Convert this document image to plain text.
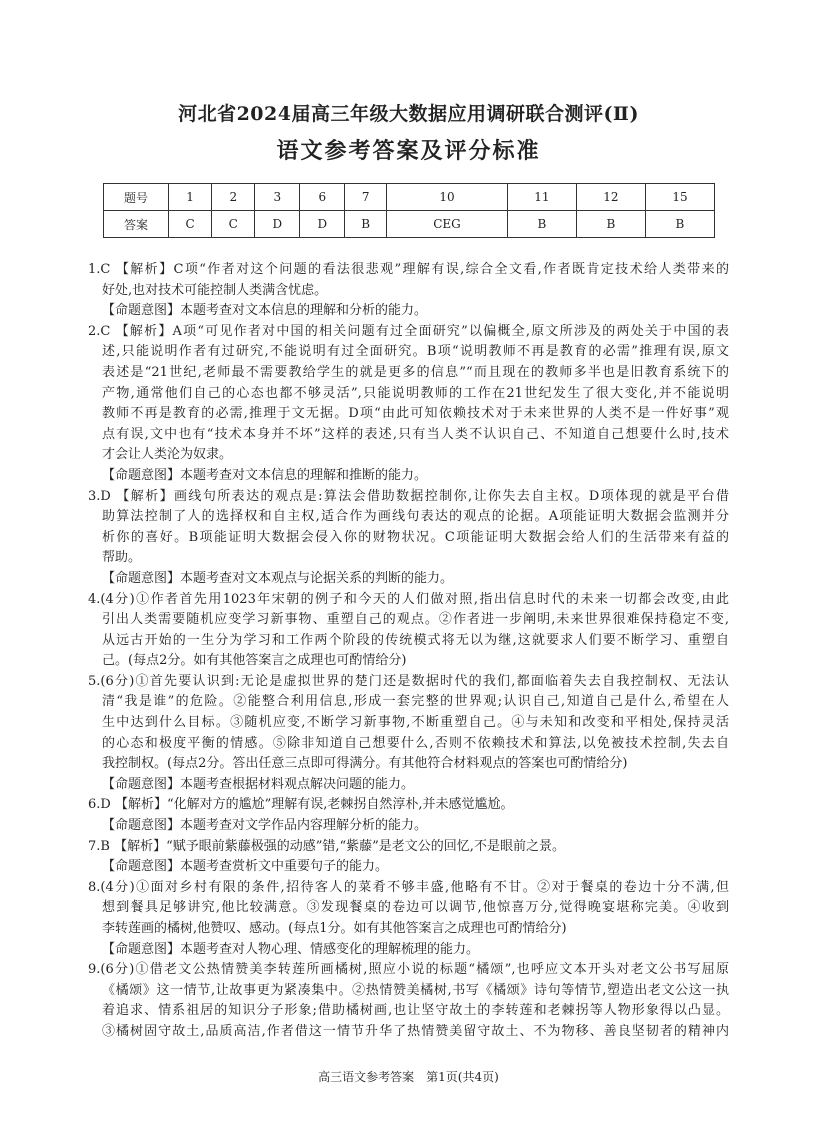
河北省2024届高三年级大数据应用调研联合测评(Ⅱ)
语文参考答案及评分标准
题号	1	2	3	6	7	10	11	12	15
答案	C	C	D	D	B	CEG	B	B	B
1.C 【解析】C项“作者对这个问题的看法很悲观”理解有误,综合全文看,作者既肯定技术给人类带来的
好处,也对技术可能控制人类满含忧虑。
【命题意图】本题考查对文本信息的理解和分析的能力。
2.C 【解析】A项“可见作者对中国的相关问题有过全面研究”以偏概全,原文所涉及的两处关于中国的表
述,只能说明作者有过研究,不能说明有过全面研究。B项“说明教师不再是教育的必需”推理有误,原文
表述是“21世纪,老师最不需要教给学生的就是更多的信息”“而且现在的教师多半也是旧教育系统下的
产物,通常他们自己的心态也都不够灵活”,只能说明教师的工作在21世纪发生了很大变化,并不能说明
教师不再是教育的必需,推理于文无据。D项“由此可知依赖技术对于未来世界的人类不是一件好事”观
点有误,文中也有“技术本身并不坏”这样的表述,只有当人类不认识自己、不知道自己想要什么时,技术
才会让人类沦为奴隶。
【命题意图】本题考查对文本信息的理解和推断的能力。
3.D 【解析】画线句所表达的观点是:算法会借助数据控制你,让你失去自主权。D项体现的就是平台借
助算法控制了人的选择权和自主权,适合作为画线句表达的观点的论据。A项能证明大数据会监测并分
析你的喜好。B项能证明大数据会侵入你的财物状况。C项能证明大数据会给人们的生活带来有益的
帮助。
【命题意图】本题考查对文本观点与论据关系的判断的能力。
4.(4分)①作者首先用1023年宋朝的例子和今天的人们做对照,指出信息时代的未来一切都会改变,由此
引出人类需要随机应变学习新事物、重塑自己的观点。②作者进一步阐明,未来世界很难保持稳定不变,
从远古开始的一生分为学习和工作两个阶段的传统模式将无以为继,这就要求人们要不断学习、重塑自
己。(每点2分。如有其他答案言之成理也可酌情给分)
5.(6分)①首先要认识到:无论是虚拟世界的楚门还是数据时代的我们,都面临着失去自我控制权、无法认
清“我是谁”的危险。②能整合利用信息,形成一套完整的世界观;认识自己,知道自己是什么,希望在人
生中达到什么目标。③随机应变,不断学习新事物,不断重塑自己。④与未知和改变和平相处,保持灵活
的心态和极度平衡的情感。⑤除非知道自己想要什么,否则不依赖技术和算法,以免被技术控制,失去自
我控制权。(每点2分。答出任意三点即可得满分。有其他符合材料观点的答案也可酌情给分)
【命题意图】本题考查根据材料观点解决问题的能力。
6.D 【解析】“化解对方的尴尬”理解有误,老棘拐自然淳朴,并未感觉尴尬。
【命题意图】本题考查对文学作品内容理解分析的能力。
7.B 【解析】“赋予眼前紫藤极强的动感”错,“紫藤”是老文公的回忆,不是眼前之景。
【命题意图】本题考查赏析文中重要句子的能力。
8.(4分)①面对乡村有限的条件,招待客人的菜肴不够丰盛,他略有不甘。②对于餐桌的卷边十分不满,但
想到餐具足够讲究,他比较满意。③发现餐桌的卷边可以调节,他惊喜万分,觉得晚宴堪称完美。④收到
李转莲画的橘树,他赞叹、感动。(每点1分。如有其他答案言之成理也可酌情给分)
【命题意图】本题考查对人物心理、情感变化的理解梳理的能力。
9.(6分)①借老文公热情赞美李转莲所画橘树,照应小说的标题“橘颂”,也呼应文本开头对老文公书写屈原
《橘颂》这一情节,让故事更为紧凑集中。②热情赞美橘树,书写《橘颂》诗句等情节,塑造出老文公这一执
着追求、情系祖居的知识分子形象;借助橘树画,也让坚守故土的李转莲和老棘拐等人物形象得以凸显。
③橘树固守故土,品质高洁,作者借这一情节升华了热情赞美留守故土、不为物移、善良坚韧者的精神内
高三语文参考答案　第1页(共4页)
